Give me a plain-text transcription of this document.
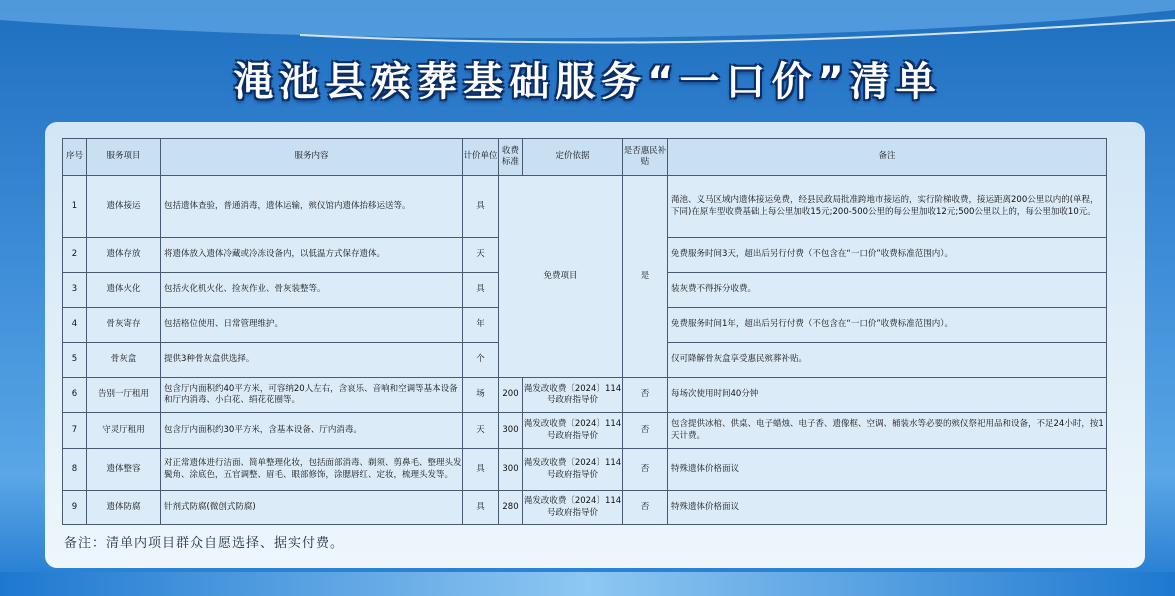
渑池县殡葬基础服务“一口价”清单
序号	服务项目	服务内容	计价单位	收费标准	定价依据	是否惠民补贴	备注
1	遗体接运	包括遗体查验，普通消毒，遗体运输，殡仪馆内遗体抬移运送等。	具	免费项目		是	渑池、义马区域内遗体接运免费，经县民政局批准跨地市接运的，实行阶梯收费，接运距离200公里以内的(单程，下同)在原车型收费基础上每公里加收15元;200-500公里的每公里加收12元;500公里以上的，每公里加收10元。
2	遗体存放	将遗体放入遗体冷藏或冷冻设备内，以低温方式保存遗体。	天				免费服务时间3天，超出后另行付费（不包含在“一口价”收费标准范围内）。
3	遗体火化	包括火化机火化、捡灰作业、骨灰装整等。	具				装灰费不得拆分收费。
4	骨灰寄存	包括格位使用、日常管理维护。	年				免费服务时间1年，超出后另行付费（不包含在“一口价”收费标准范围内）。
5	骨灰盒	提供3种骨灰盒供选择。	个				仅可降解骨灰盒享受惠民殡葬补贴。
6	告别一厅租用	包含厅内面积约40平方米，可容纳20人左右，含哀乐、音响和空调等基本设备和厅内消毒、小白花、绢花花圈等。	场	200	渑发改收费〔2024〕114号政府指导价	否	每场次使用时间40分钟
7	守灵厅租用	包含厅内面积约30平方米，含基本设备、厅内消毒。	天	300	渑发改收费〔2024〕114号政府指导价	否	包含提供冰棺、供桌、电子蜡烛、电子香、遗像框、空调、桶装水等必要的殡仪祭祀用品和设备，不足24小时，按1天计费。
8	遗体整容	对正常遗体进行洁面、简单整理化妆，包括面部消毒、剃须、剪鼻毛、整理头发鬓角、涂底色，五官调整、眉毛、眼部修饰，涂腮唇红、定妆，梳理头发等。	具	300	渑发改收费〔2024〕114号政府指导价	否	特殊遗体价格面议
9	遗体防腐	针剂式防腐(微创式防腐)	具	280	渑发改收费〔2024〕114号政府指导价	否	特殊遗体价格面议
备注：清单内项目群众自愿选择、据实付费。
